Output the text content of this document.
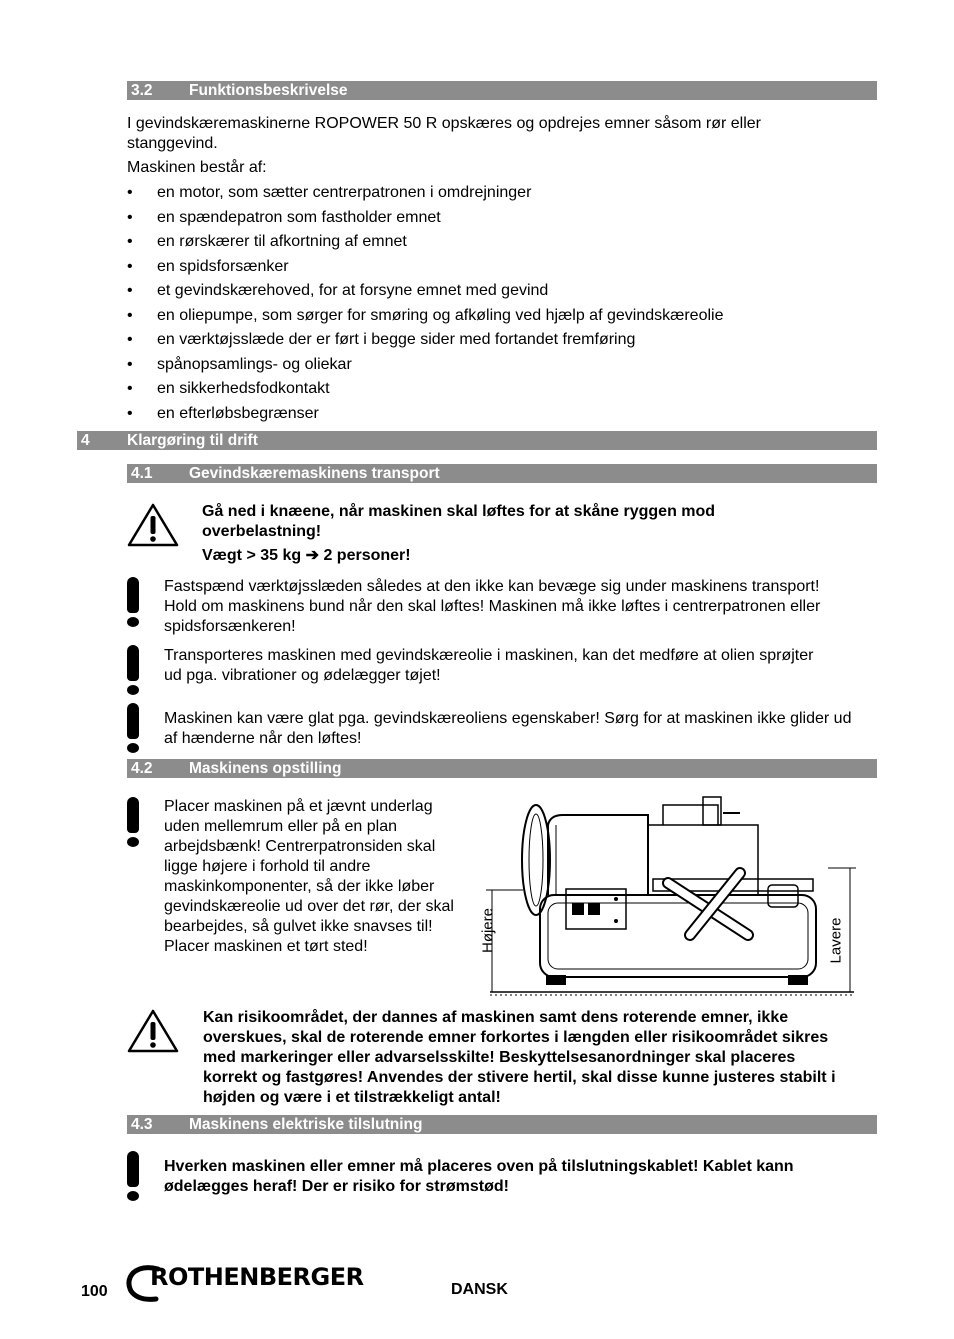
3.2 Funktionsbeskrivelse
I gevindskæremaskinerne ROPOWER 50 R opskæres og opdrejes emner såsom rør eller stanggevind.
Maskinen består af:
• en motor, som sætter centrerpatronen i omdrejninger
• en spændepatron som fastholder emnet
• en rørskærer til afkortning af emnet
• en spidsforsænker
• et gevindskærehoved, for at forsyne emnet med gevind
• en oliepumpe, som sørger for smøring og afkøling ved hjælp af gevindskæreolie
• en værktøjsslæde der er ført i begge sider med fortandet fremføring
• spånopsamlings- og oliekar
• en sikkerhedsfodkontakt
• en efterløbsbegrænser
4 Klargøring til drift
4.1 Gevindskæremaskinens transport
Gå ned i knæene, når maskinen skal løftes for at skåne ryggen mod
overbelastning!
Vægt > 35 kg ➔ 2 personer!
Fastspænd værktøjsslæden således at den ikke kan bevæge sig under maskinens transport! Hold om maskinens bund når den skal løftes! Maskinen må ikke løftes i centrerpatronen eller spidsforsænkeren!
Transporteres maskinen med gevindskæreolie i maskinen, kan det medføre at olien sprøjter ud pga. vibrationer og ødelægger tøjet!
Maskinen kan være glat pga. gevindskæreoliens egenskaber! Sørg for at maskinen ikke glider ud af hænderne når den løftes!
4.2 Maskinens opstilling
Placer maskinen på et jævnt underlag uden mellemrum eller på en plan arbejdsbænk! Centrerpatronsiden skal ligge højere i forhold til andre maskinkomponenter, så der ikke løber gevindskæreolie ud over det rør, der skal bearbejdes, så gulvet ikke snavses til! Placer maskinen et tørt sted!	Højere	Lavere
Kan risikoområdet, der dannes af maskinen samt dens roterende emner, ikke overskues, skal de roterende emner forkortes i længden eller risikoområdet sikres med markeringer eller advarselsskilte! Beskyttelsesanordninger skal placeres korrekt og fastgøres! Anvendes der stivere hertil, skal disse kunne justeres stabilt i højden og være i et tilstrækkeligt antal!
4.3 Maskinens elektriske tilslutning
Hverken maskinen eller emner må placeres oven på tilslutningskablet! Kablet kann ødelægges heraf! Der er risiko for strømstød!
100
ROTHENBERGER	DANSK
